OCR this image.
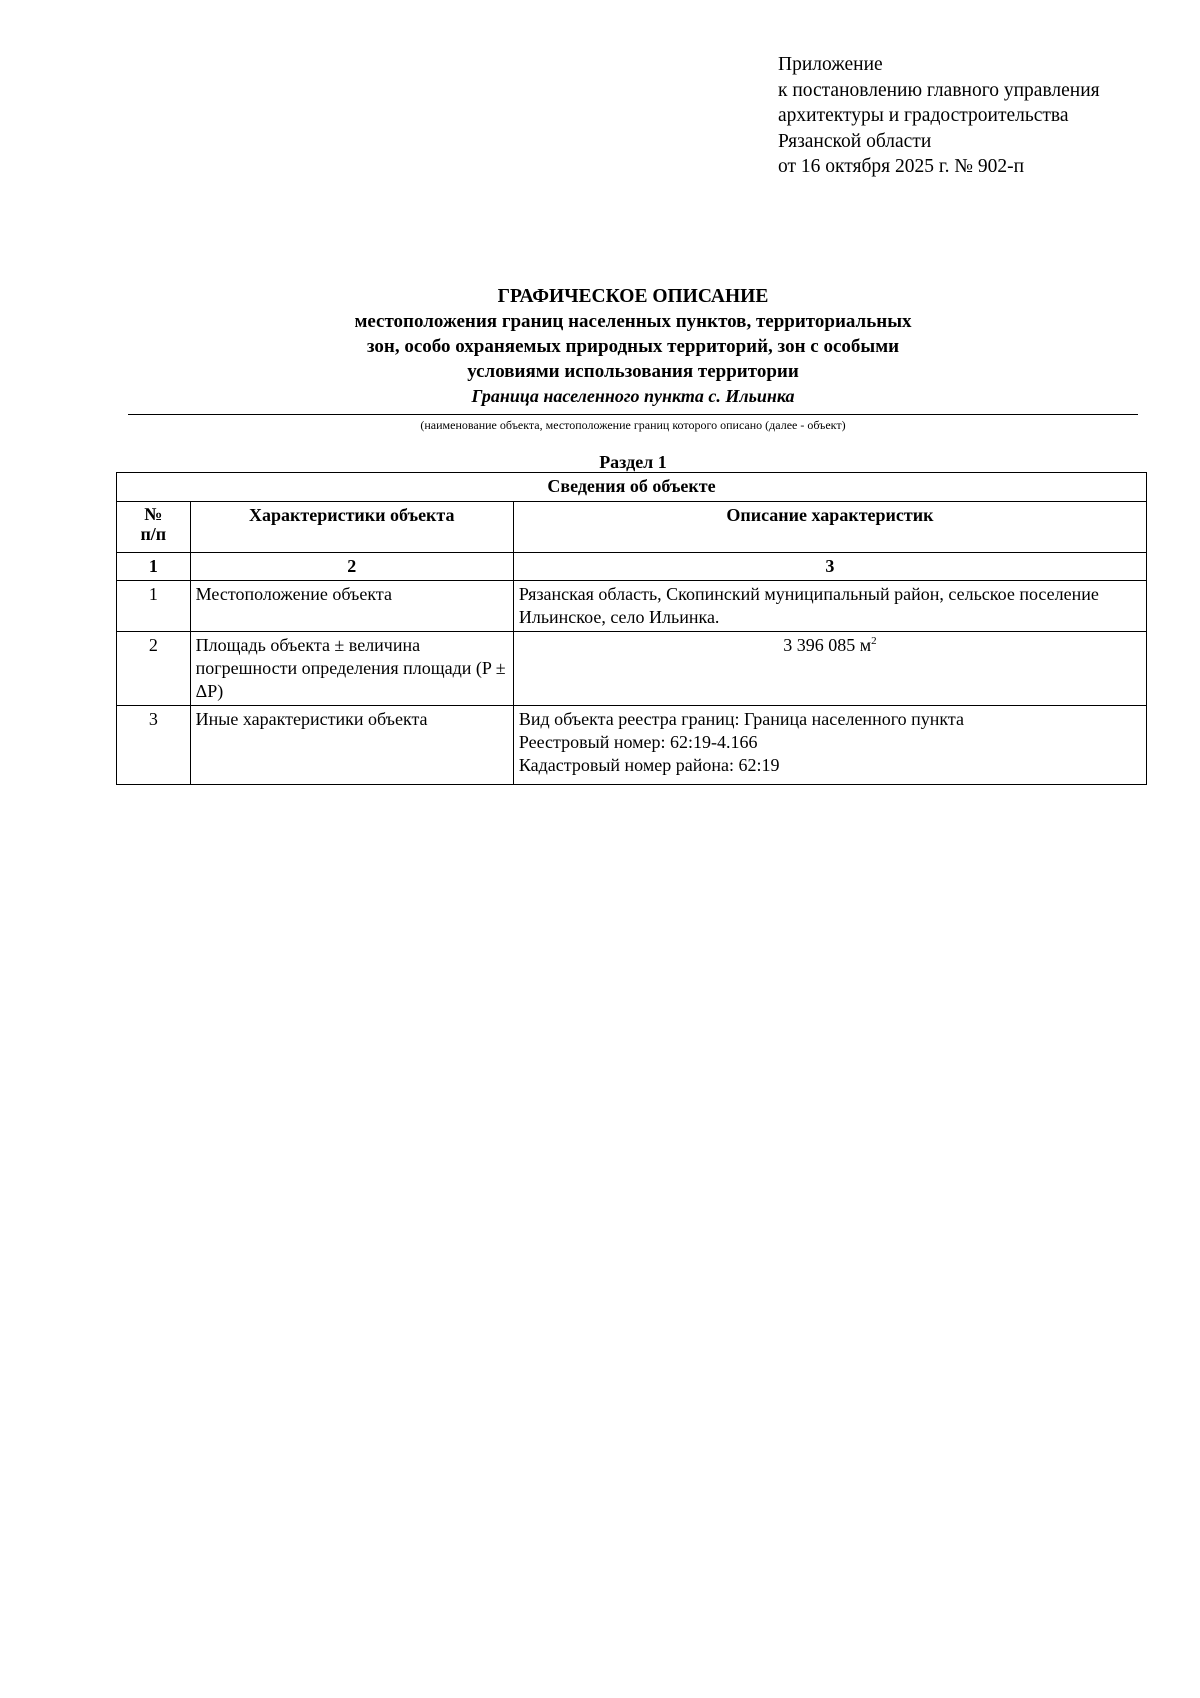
Приложение
к постановлению главного управления
архитектуры и градостроительства
Рязанской области
от 16 октября 2025 г. № 902-п
ГРАФИЧЕСКОЕ ОПИСАНИЕ
местоположения границ населенных пунктов, территориальных
зон, особо охраняемых природных территорий, зон с особыми
условиями использования территории
Граница населенного пункта с. Ильинка
(наименование объекта, местоположение границ которого описано (далее - объект)
Раздел 1
Сведения об объекте		
№
п/п	Характеристики объекта	Описание характеристик
1	2	3
1	Местоположение объекта	Рязанская область, Скопинский муниципальный район, сельское поселение Ильинское, село Ильинка.
2	Площадь объекта ± величина погрешности определения площади (P ± ΔP)	3 396 085 $м^2$
3	Иные характеристики объекта	Вид объекта реестра границ: Граница населенного пункта
Реестровый номер: 62:19-4.166
Кадастровый номер района: 62:19
